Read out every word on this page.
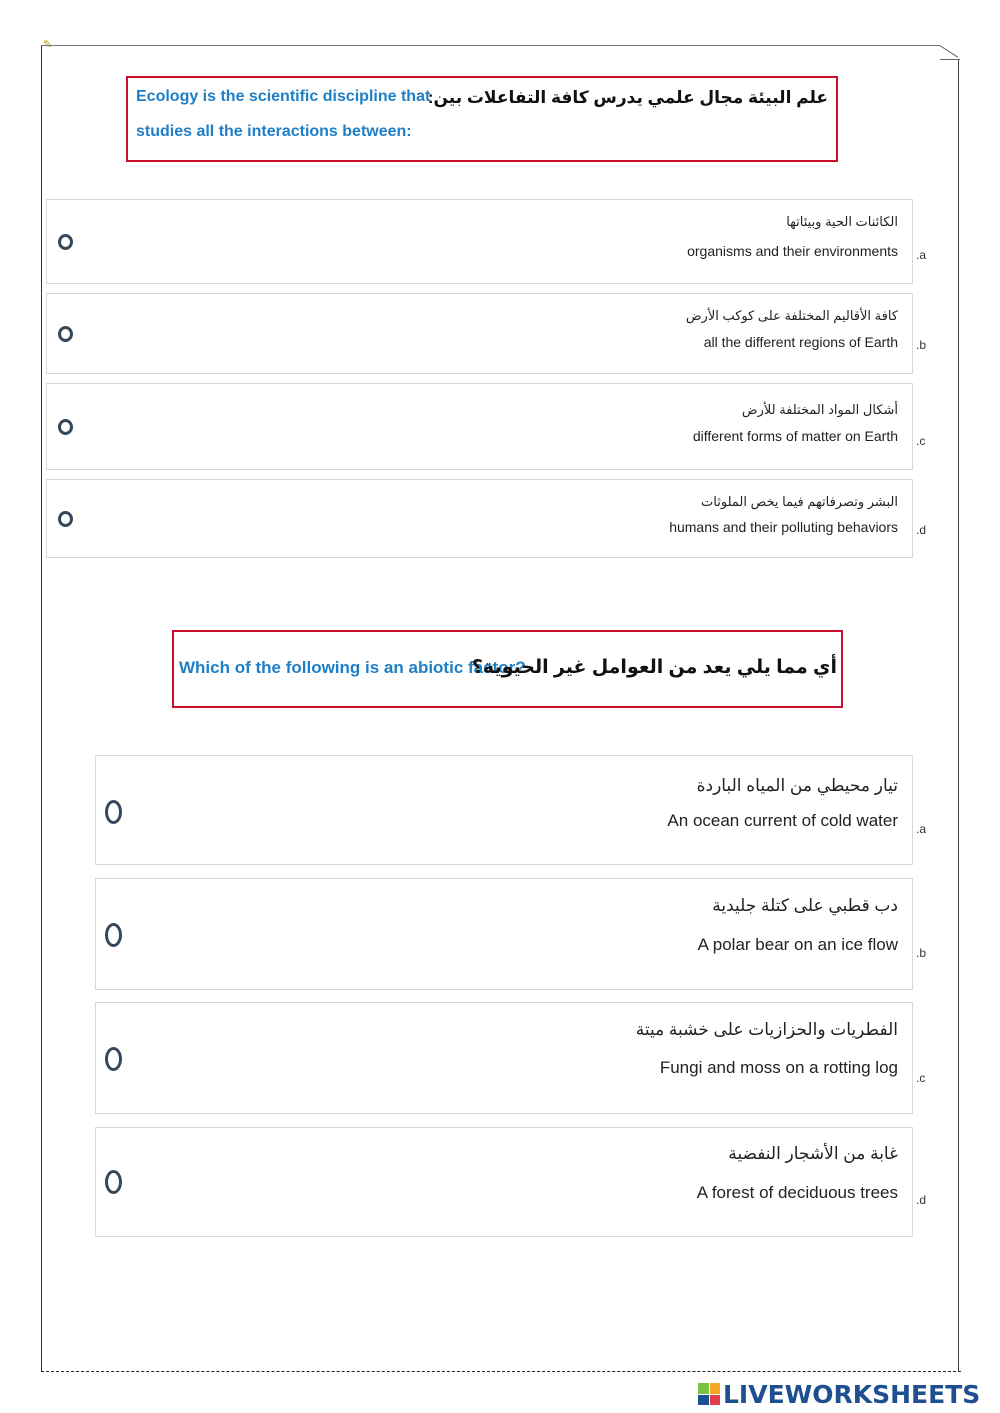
✎
Ecology is the scientific discipline that
studies all the interactions between:
علم البيئة مجال علمي يدرس كافة التفاعلات بين:
الكائنات الحية وبيئاتها
organisms and their environments .a
كافة الأقاليم المختلفة على كوكب الأرض
all the different regions of Earth .b
أشكال المواد المختلفة للأرض
different forms of matter on Earth .c
البشر وتصرفاتهم فيما يخص الملوثات
humans and their polluting behaviors .d
Which of the following is an abiotic factor?
أي مما يلي يعد من العوامل غير الحيوية؟
تيار محيطي من المياه الباردة
An ocean current of cold water .a
دب قطبي على كتلة جليدية
A polar bear on an ice flow .b
الفطريات والحزازيات على خشبة ميتة
Fungi and moss on a rotting log
.c
غابة من الأشجار النفضية
A forest of deciduous trees .d
LIVEWORKSHEETS
